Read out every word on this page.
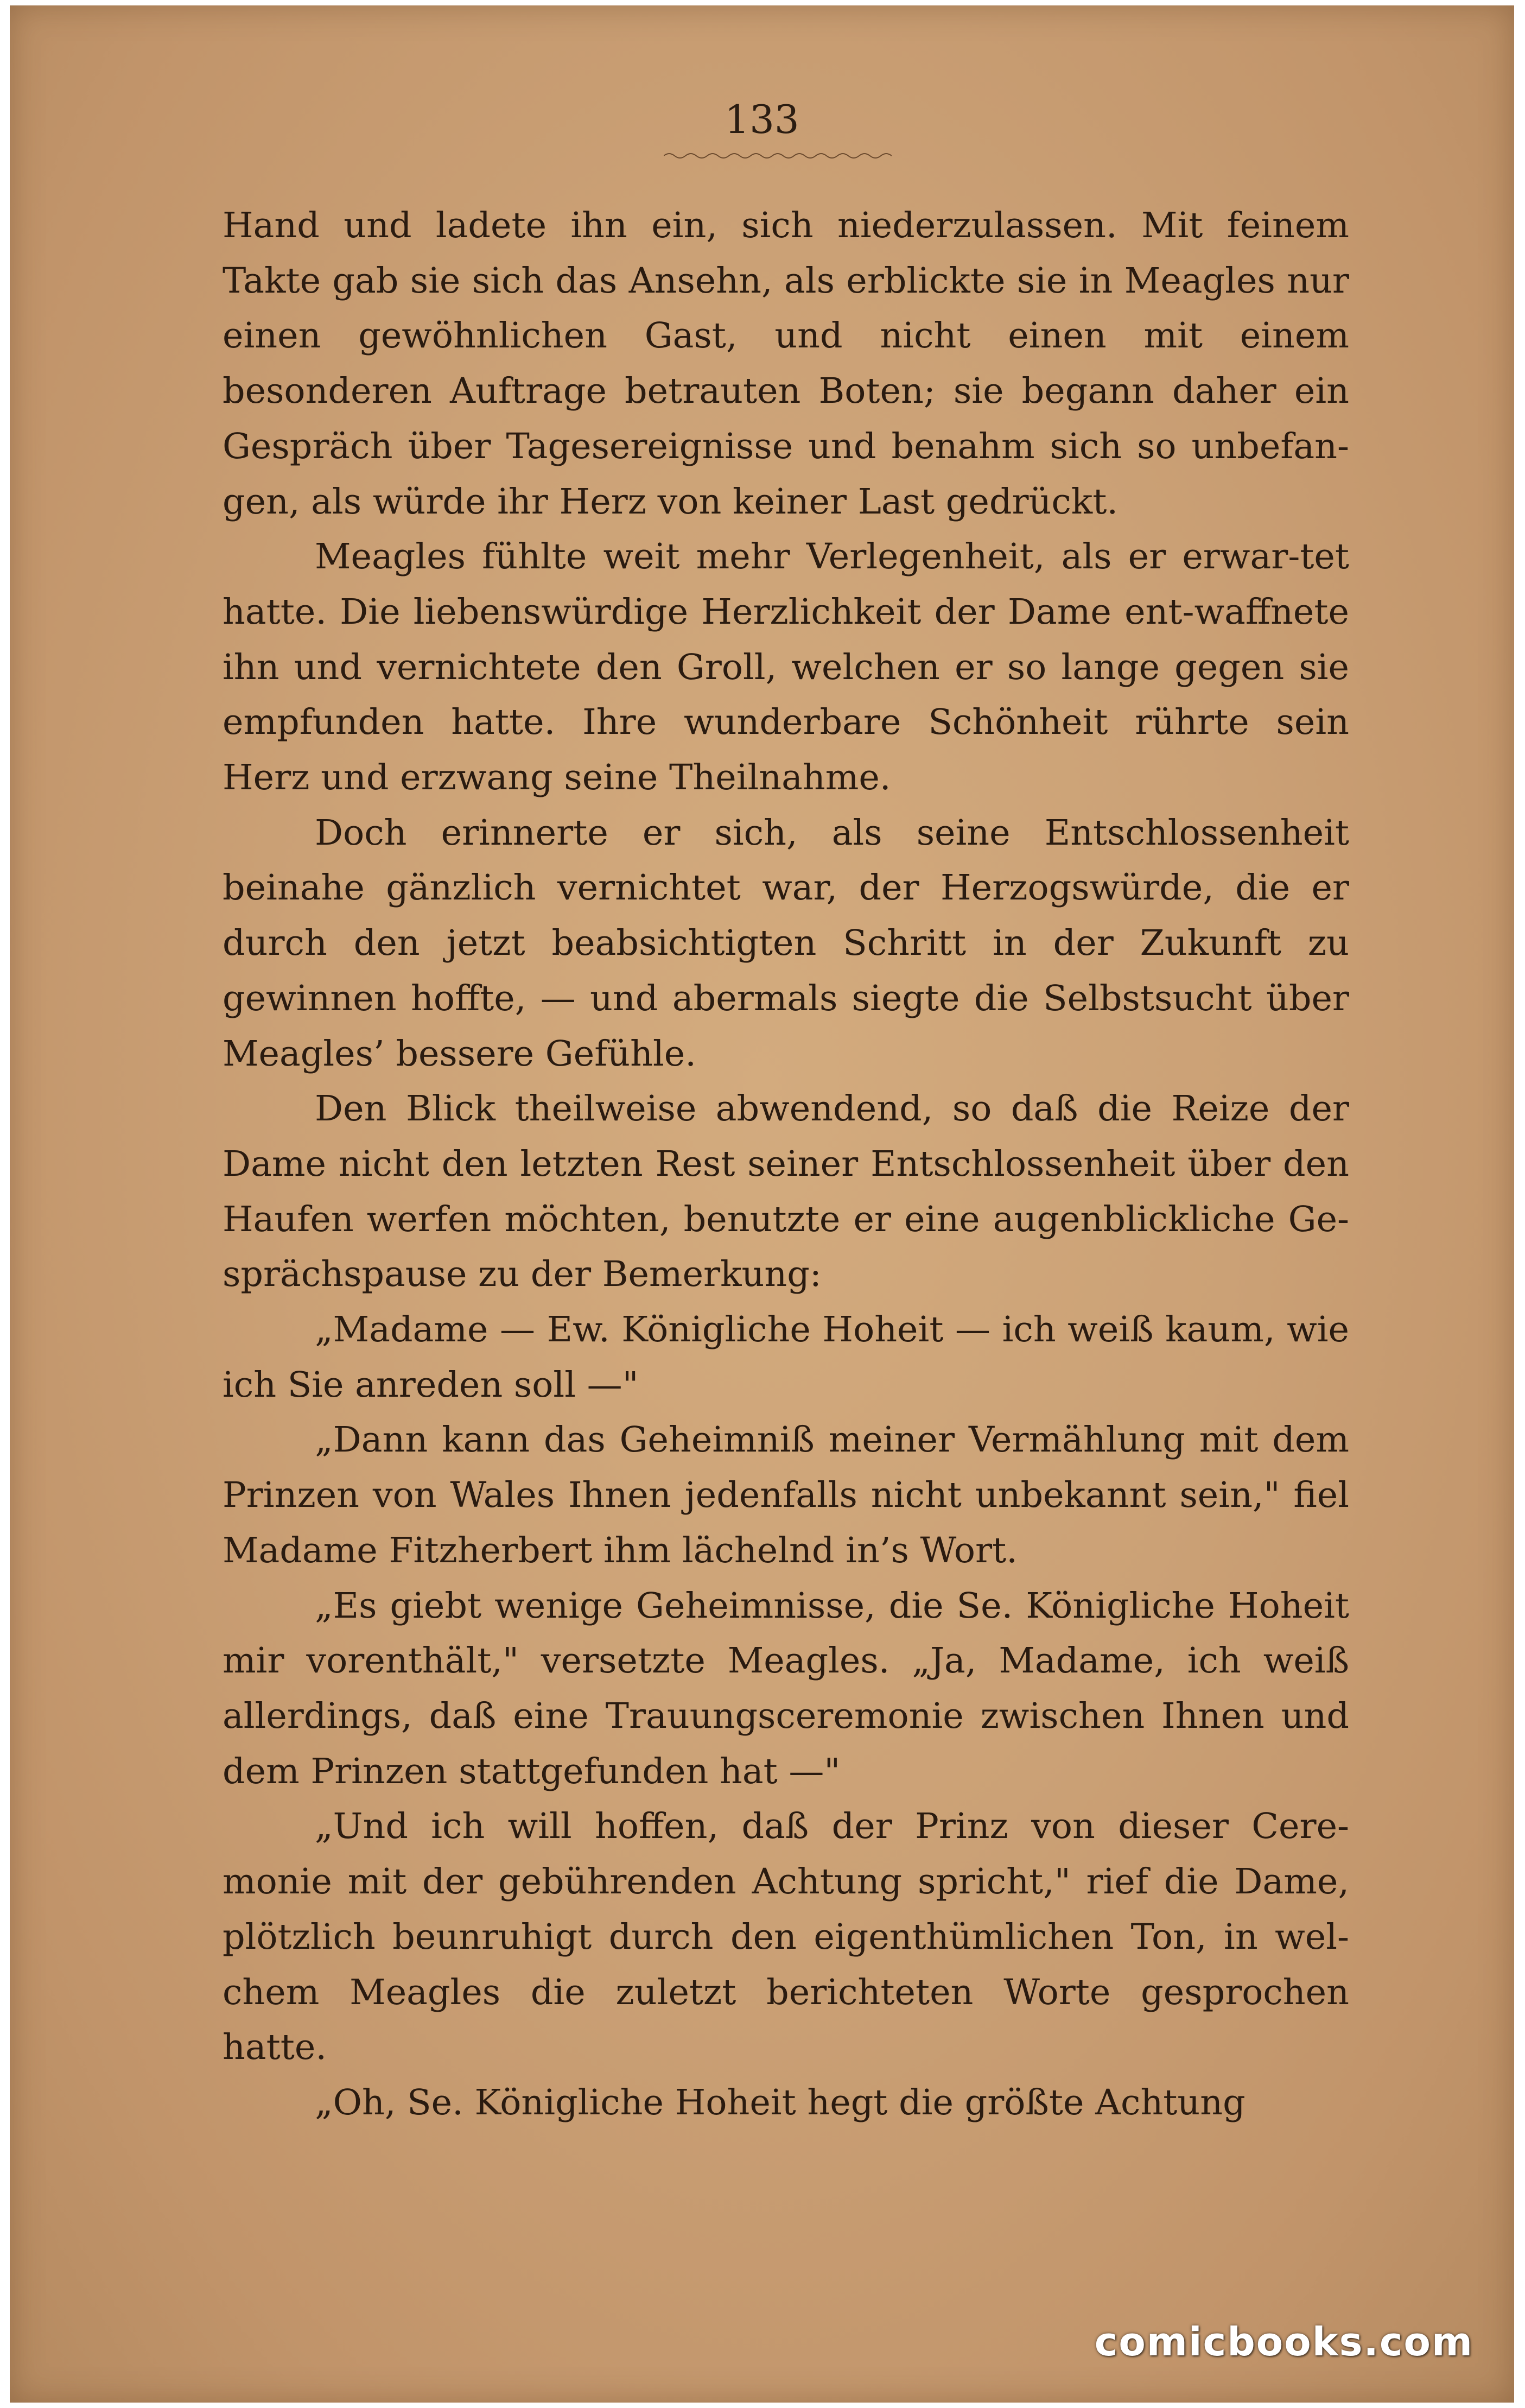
133

Hand und ladete ihn ein, sich niederzulassen. Mit feinem Takte gab sie sich das Ansehn, als erblickte sie in Meagles nur einen gewöhnlichen Gast, und nicht einen mit einem besonderen Auftrage betrauten Boten; sie begann daher ein Gespräch über Tagesereignisse und benahm sich so unbefan-gen, als würde ihr Herz von keiner Last gedrückt.

Meagles fühlte weit mehr Verlegenheit, als er erwar-tet hatte. Die liebenswürdige Herzlichkeit der Dame ent-waffnete ihn und vernichtete den Groll, welchen er so lange gegen sie empfunden hatte. Ihre wunderbare Schönheit rührte sein Herz und erzwang seine Theilnahme.

Doch erinnerte er sich, als seine Entschlossenheit beinahe gänzlich vernichtet war, der Herzogswürde, die er durch den jetzt beabsichtigten Schritt in der Zukunft zu gewinnen hoffte, — und abermals siegte die Selbstsucht über Meagles’ bessere Gefühle.

Den Blick theilweise abwendend, so daß die Reize der Dame nicht den letzten Rest seiner Entschlossenheit über den Haufen werfen möchten, benutzte er eine augenblickliche Ge-sprächspause zu der Bemerkung:

„Madame — Ew. Königliche Hoheit — ich weiß kaum, wie ich Sie anreden soll —"

„Dann kann das Geheimniß meiner Vermählung mit dem Prinzen von Wales Ihnen jedenfalls nicht unbekannt sein," fiel Madame Fitzherbert ihm lächelnd in’s Wort.

„Es giebt wenige Geheimnisse, die Se. Königliche Hoheit mir vorenthält," versetzte Meagles. „Ja, Madame, ich weiß allerdings, daß eine Trauungsceremonie zwischen Ihnen und dem Prinzen stattgefunden hat —"

„Und ich will hoffen, daß der Prinz von dieser Cere-monie mit der gebührenden Achtung spricht," rief die Dame, plötzlich beunruhigt durch den eigenthümlichen Ton, in wel-chem Meagles die zuletzt berichteten Worte gesprochen hatte.

„Oh, Se. Königliche Hoheit hegt die größte Achtung

comicbooks.com
